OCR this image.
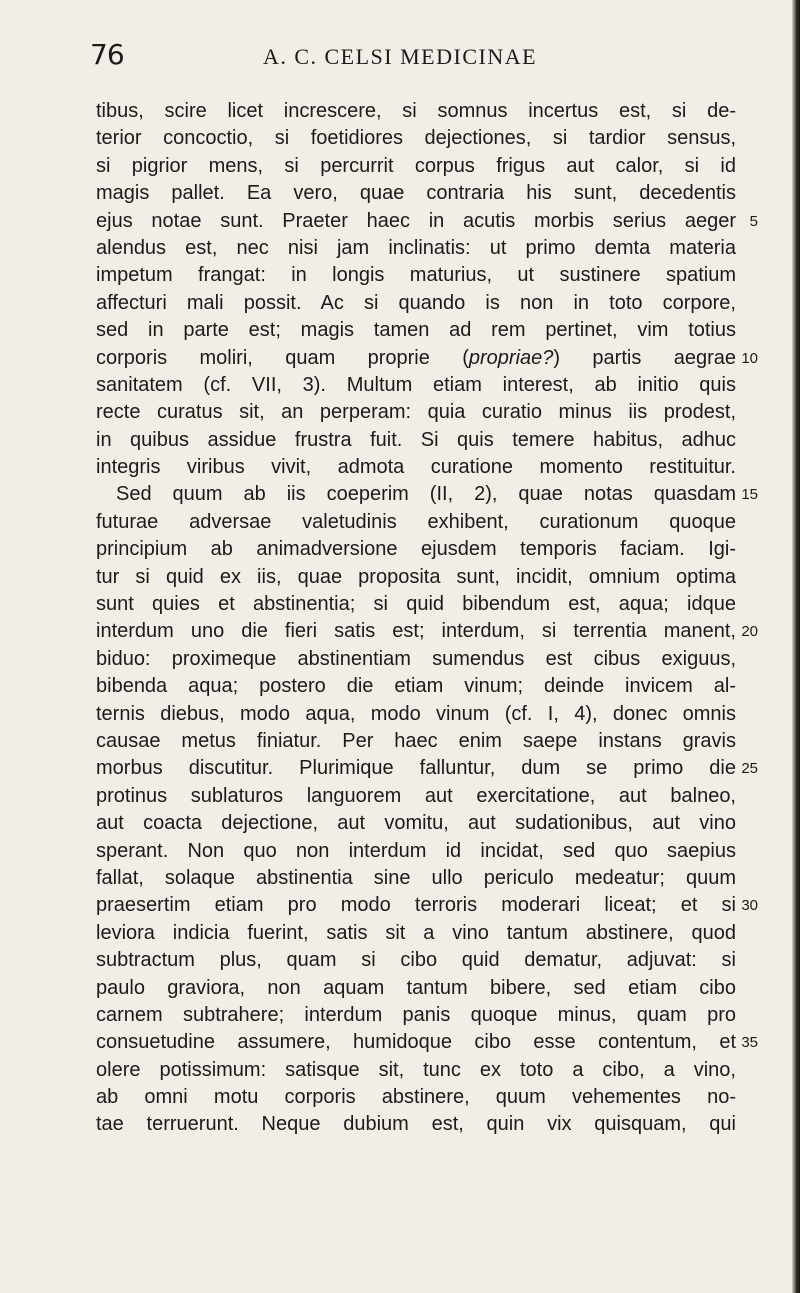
76	A. C. CELSI MEDICINAE
tibus, scire licet increscere, si somnus incertus est, si de-
terior concoctio, si foetidiores dejectiones, si tardior sensus,
si pigrior mens, si percurrit corpus frigus aut calor, si id
magis pallet. Ea vero, quae contraria his sunt, decedentis
ejus notae sunt. Praeter haec in acutis morbis serius aeger 5
alendus est, nec nisi jam inclinatis: ut primo demta materia
impetum frangat: in longis maturius, ut sustinere spatium
affecturi mali possit. Ac si quando is non in toto corpore,
sed in parte est; magis tamen ad rem pertinet, vim totius
corporis moliri, quam proprie (propriae?) partis aegrae 10
sanitatem (cf. VII, 3). Multum etiam interest, ab initio quis
recte curatus sit, an perperam: quia curatio minus iis prodest,
in quibus assidue frustra fuit. Si quis temere habitus, adhuc
integris viribus vivit, admota curatione momento restituitur.
Sed quum ab iis coeperim (II, 2), quae notas quasdam 15
futurae adversae valetudinis exhibent, curationum quoque
principium ab animadversione ejusdem temporis faciam. Igi-
tur si quid ex iis, quae proposita sunt, incidit, omnium optima
sunt quies et abstinentia; si quid bibendum est, aqua; idque
interdum uno die fieri satis est; interdum, si terrentia manent, 20
biduo: proximeque abstinentiam sumendus est cibus exiguus,
bibenda aqua; postero die etiam vinum; deinde invicem al-
ternis diebus, modo aqua, modo vinum (cf. I, 4), donec omnis
causae metus finiatur. Per haec enim saepe instans gravis
morbus discutitur. Plurimique falluntur, dum se primo die 25
protinus sublaturos languorem aut exercitatione, aut balneo,
aut coacta dejectione, aut vomitu, aut sudationibus, aut vino
sperant. Non quo non interdum id incidat, sed quo saepius
fallat, solaque abstinentia sine ullo periculo medeatur; quum
praesertim etiam pro modo terroris moderari liceat; et si 30
leviora indicia fuerint, satis sit a vino tantum abstinere, quod
subtractum plus, quam si cibo quid dematur, adjuvat: si
paulo graviora, non aquam tantum bibere, sed etiam cibo
carnem subtrahere; interdum panis quoque minus, quam pro
consuetudine assumere, humidoque cibo esse contentum, et 35
olere potissimum: satisque sit, tunc ex toto a cibo, a vino,
ab omni motu corporis abstinere, quum vehementes no-
tae terruerunt. Neque dubium est, quin vix quisquam, qui
